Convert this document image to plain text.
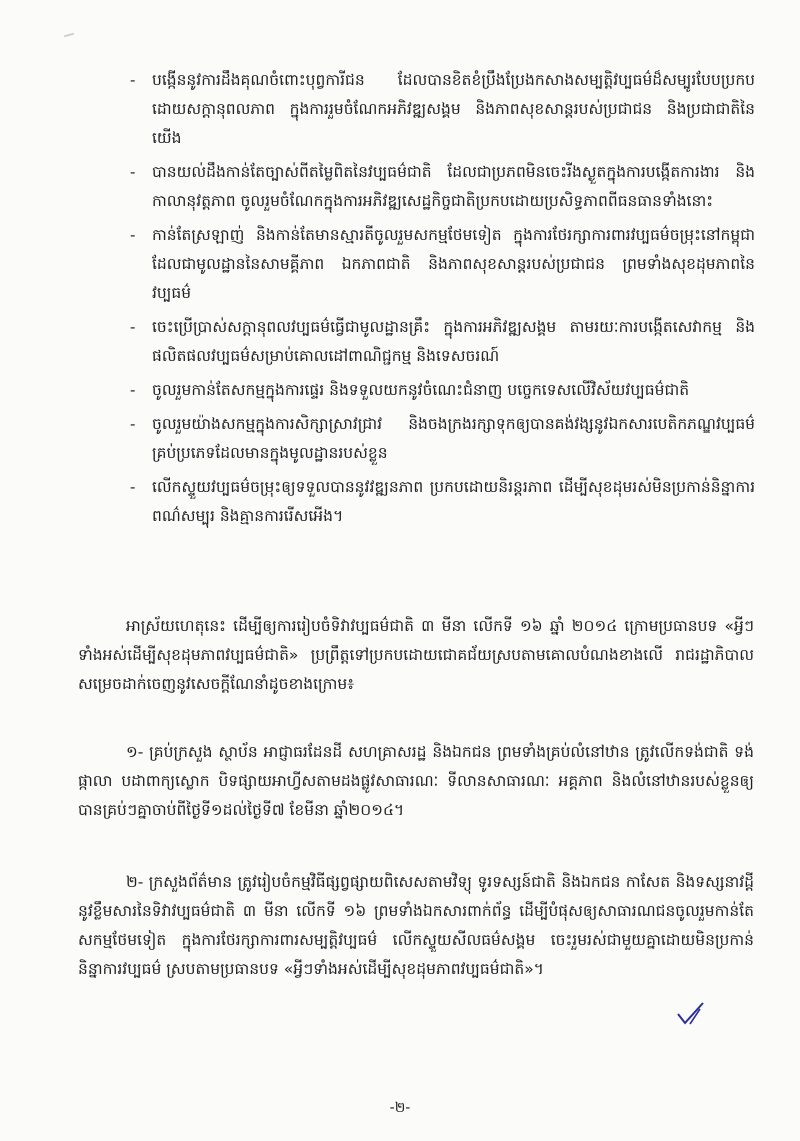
- បង្កើននូវការដឹងគុណចំពោះបុព្វការីជន ដែលបានខិតខំប្រឹងប្រែងកសាងសម្បត្តិវប្បធម៌ដ៏សម្បូរបែបប្រកបដោយសក្តានុពលភាព ក្នុងការរួមចំណែកអភិវឌ្ឍសង្គម និងភាពសុខសាន្តរបស់ប្រជាជន និងប្រជាជាតិនៃយើង
- បានយល់ដឹងកាន់តែច្បាស់ពីតម្លៃពិតនៃវប្បធម៌ជាតិ ដែលជាប្រភពមិនចេះរីងស្ងួតក្នុងការបង្កើតការងារ និងកាលានុវត្តភាព ចូលរួមចំណែកក្នុងការអភិវឌ្ឍសេដ្ឋកិច្ចជាតិប្រកបដោយប្រសិទ្ធភាពពីធនធានទាំងនោះ
- កាន់តែស្រឡាញ់ និងកាន់តែមានស្មារតីចូលរួមសកម្មថែមទៀត ក្នុងការថែរក្សាការពារវប្បធម៌ចម្រុះនៅកម្ពុជា ដែលជាមូលដ្ឋាននៃសាមគ្គីភាព ឯកភាពជាតិ និងភាពសុខសាន្តរបស់ប្រជាជន ព្រមទាំងសុខដុមភាពនៃវប្បធម៌
- ចេះប្រើប្រាស់សក្តានុពលវប្បធម៌ធ្វើជាមូលដ្ឋានគ្រឹះ ក្នុងការអភិវឌ្ឍសង្គម តាមរយៈការបង្កើតសេវាកម្ម និងផលិតផលវប្បធម៌សម្រាប់គោលដៅពាណិជ្ជកម្ម និងទេសចរណ៍
- ចូលរួមកាន់តែសកម្មក្នុងការផ្ទេរ និងទទួលយកនូវចំណេះជំនាញ បច្ចេកទេសលើវិស័យវប្បធម៌ជាតិ
- ចូលរួមយ៉ាងសកម្មក្នុងការសិក្សាស្រាវជ្រាវ និងចងក្រងរក្សាទុកឲ្យបានគង់វង្សនូវឯកសារបេតិកភណ្ឌវប្បធម៌គ្រប់ប្រភេទដែលមានក្នុងមូលដ្ឋានរបស់ខ្លួន
- លើកស្ទួយវប្បធម៌ចម្រុះឲ្យទទួលបាននូវវឌ្ឍនភាព ប្រកបដោយនិរន្តរភាព ដើម្បីសុខដុមរស់មិនប្រកាន់និន្នាការ ពណ៌សម្បុរ និងគ្មានការរើសអើង។
អាស្រ័យហេតុនេះ ដើម្បីឲ្យការរៀបចំទិវាវប្បធម៌ជាតិ ៣ មីនា លើកទី ១៦ ឆ្នាំ ២០១៤ ក្រោមប្រធានបទ «អ្វីៗទាំងអស់ដើម្បីសុខដុមភាពវប្បធម៌ជាតិ» ប្រព្រឹត្តទៅប្រកបដោយជោគជ័យស្របតាមគោលបំណងខាងលើ រាជរដ្ឋាភិបាលសម្រេចដាក់ចេញនូវសេចក្តីណែនាំដូចខាងក្រោម៖
១- គ្រប់ក្រសួង ស្ថាប័ន អាជ្ញាធរដែនដី សហគ្រាសរដ្ឋ និងឯកជន ព្រមទាំងគ្រប់លំនៅឋាន ត្រូវលើកទង់ជាតិ ទង់ផ្កាលា បដាពាក្យស្លោក បិទផ្សាយអាហ្វីសតាមដងផ្លូវសាធារណៈ ទីលានសាធារណៈ អគ្គភាព និងលំនៅឋានរបស់ខ្លួនឲ្យបានគ្រប់ៗគ្នាចាប់ពីថ្ងៃទី១ដល់ថ្ងៃទី៧ ខែមីនា ឆ្នាំ២០១៤។
២- ក្រសួងព័ត៌មាន ត្រូវរៀបចំកម្មវិធីផ្សព្វផ្សាយពិសេសតាមវិទ្យុ ទូរទស្សន៍ជាតិ និងឯកជន កាសែត និងទស្សនាវដ្តីនូវខ្លឹមសារនៃទិវាវប្បធម៌ជាតិ ៣ មីនា លើកទី ១៦ ព្រមទាំងឯកសារពាក់ព័ន្ធ ដើម្បីបំផុសឲ្យសាធារណជនចូលរួមកាន់តែសកម្មថែមទៀត ក្នុងការថែរក្សាការពារសម្បត្តិវប្បធម៌ លើកស្ទួយសីលធម៌សង្គម ចេះរួមរស់ជាមួយគ្នាដោយមិនប្រកាន់និន្នាការវប្បធម៌ ស្របតាមប្រធានបទ «អ្វីៗទាំងអស់ដើម្បីសុខដុមភាពវប្បធម៌ជាតិ»។
-២-
